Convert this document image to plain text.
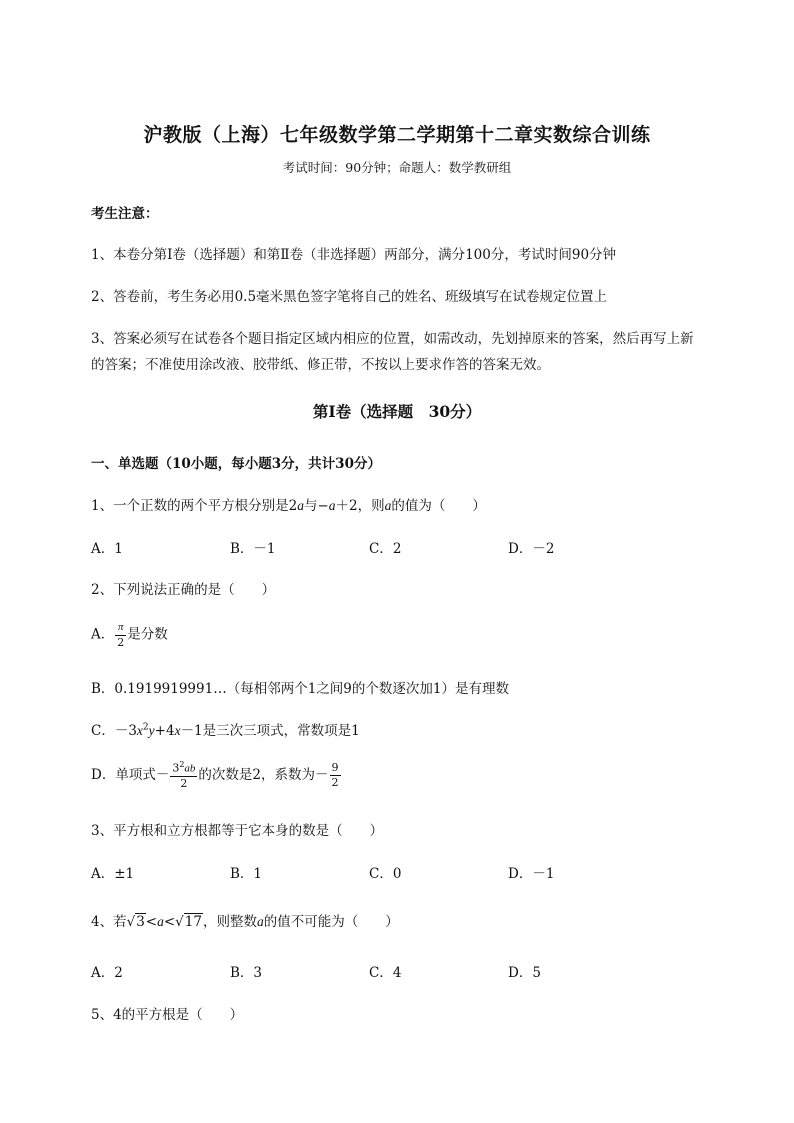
沪教版（上海）七年级数学第二学期第十二章实数综合训练
考试时间：90分钟；命题人：数学教研组
考生注意：
1、本卷分第Ⅰ卷（选择题）和第Ⅱ卷（非选择题）两部分，满分100分，考试时间90分钟
2、答卷前，考生务必用0.5毫米黑色签字笔将自己的姓名、班级填写在试卷规定位置上
3、答案必须写在试卷各个题目指定区域内相应的位置，如需改动，先划掉原来的答案，然后再写上新
的答案；不准使用涂改液、胶带纸、修正带，不按以上要求作答的答案无效。
第Ⅰ卷（选择题　30分）
一、单选题（10小题，每小题3分，共计30分）
1、一个正数的两个平方根分别是2a与−a＋2，则a的值为（　　）
A．1	B．－1	C．2	D．－2
2、下列说法正确的是（　　）
A． $\frac{\pi}{2}$ 是分数
B．0.1919919991…（每相邻两个1之间9的个数逐次加1）是有理数
C．$-3x^2y+4x-1$是三次三项式，常数项是1
D．单项式－ $\frac{3^2ab}{2}$ 的次数是2，系数为－ $\frac{9}{2}$
3、平方根和立方根都等于它本身的数是（　　）
A．±1	B．1	C．0	D．－1
4、若√3<a<√17，则整数a的值不可能为（　　）
A．2	B．3	C．4	D．5
5、4的平方根是（　　）
